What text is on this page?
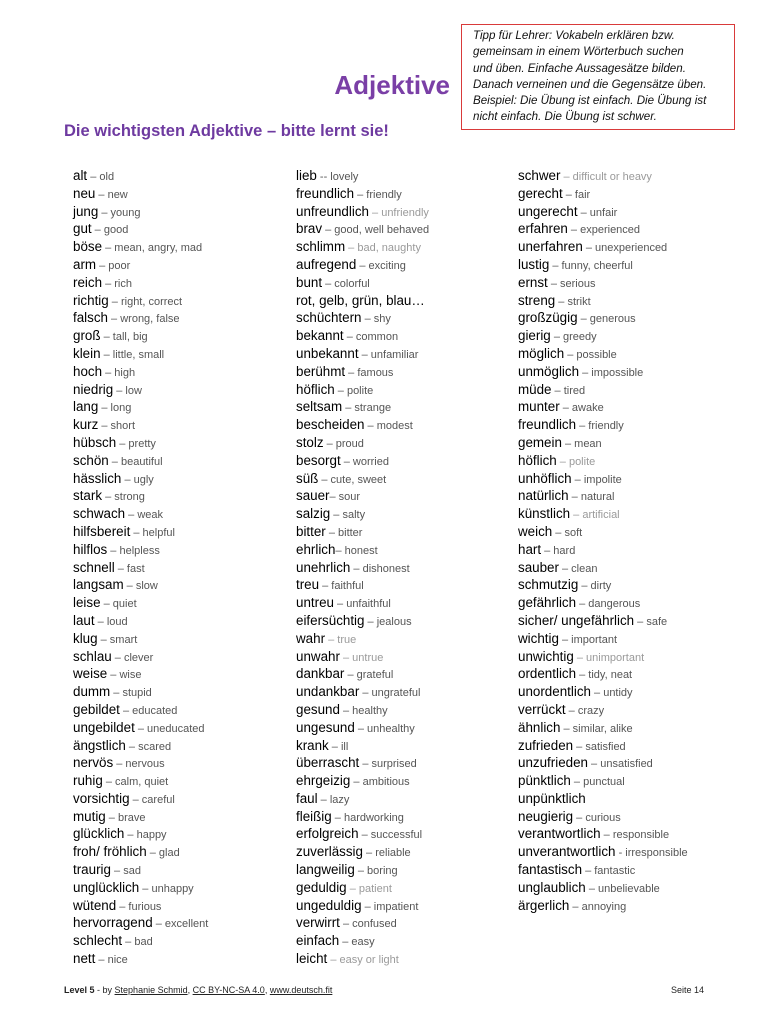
Tipp für Lehrer: Vokabeln erklären bzw.
gemeinsam in einem Wörterbuch suchen
und üben. Einfache Aussagesätze bilden.
Danach verneinen und die Gegensätze üben.
Beispiel: Die Übung ist einfach. Die Übung ist
nicht einfach. Die Übung ist schwer.
Adjektive
Die wichtigsten Adjektive – bitte lernt sie!
alt – old
neu – new
jung – young
gut – good
böse – mean, angry, mad
arm – poor
reich – rich
richtig – right, correct
falsch – wrong, false
groß – tall, big
klein – little, small
hoch – high
niedrig – low
lang – long
kurz – short
hübsch – pretty
schön – beautiful
hässlich – ugly
stark – strong
schwach – weak
hilfsbereit – helpful
hilflos – helpless
schnell – fast
langsam – slow
leise – quiet
laut – loud
klug – smart
schlau – clever
weise – wise
dumm – stupid
gebildet – educated
ungebildet – uneducated
ängstlich – scared
nervös – nervous
ruhig – calm, quiet
vorsichtig – careful
mutig – brave
glücklich – happy
froh/ fröhlich – glad
traurig – sad
unglücklich – unhappy
wütend – furious
hervorragend – excellent
schlecht – bad
nett – nice
lieb -- lovely
freundlich – friendly
unfreundlich – unfriendly
brav – good, well behaved
schlimm – bad, naughty
aufregend – exciting
bunt – colorful
rot, gelb, grün, blau…
schüchtern – shy
bekannt – common
unbekannt – unfamiliar
berühmt – famous
höflich – polite
seltsam – strange
bescheiden – modest
stolz – proud
besorgt – worried
süß – cute, sweet
sauer– sour
salzig – salty
bitter – bitter
ehrlich– honest
unehrlich – dishonest
treu – faithful
untreu – unfaithful
eifersüchtig – jealous
wahr – true
unwahr – untrue
dankbar – grateful
undankbar – ungrateful
gesund – healthy
ungesund – unhealthy
krank – ill
überrascht – surprised
ehrgeizig – ambitious
faul – lazy
fleißig – hardworking
erfolgreich – successful
zuverlässig – reliable
langweilig – boring
geduldig – patient
ungeduldig – impatient
verwirrt – confused
einfach – easy
leicht – easy or light
schwer – difficult or heavy
gerecht – fair
ungerecht – unfair
erfahren – experienced
unerfahren – unexperienced
lustig – funny, cheerful
ernst – serious
streng – strikt
großzügig – generous
gierig – greedy
möglich – possible
unmöglich – impossible
müde – tired
munter – awake
freundlich – friendly
gemein – mean
höflich – polite
unhöflich – impolite
natürlich – natural
künstlich – artificial
weich – soft
hart – hard
sauber – clean
schmutzig – dirty
gefährlich – dangerous
sicher/ ungefährlich – safe
wichtig – important
unwichtig – unimportant
ordentlich – tidy, neat
unordentlich – untidy
verrückt – crazy
ähnlich – similar, alike
zufrieden – satisfied
unzufrieden – unsatisfied
pünktlich – punctual
unpünktlich
neugierig – curious
verantwortlich – responsible
unverantwortlich - irresponsible
fantastisch – fantastic
unglaublich – unbelievable
ärgerlich – annoying
Level 5 - by Stephanie Schmid, CC BY-NC-SA 4.0, www.deutsch.fit	Seite 14
